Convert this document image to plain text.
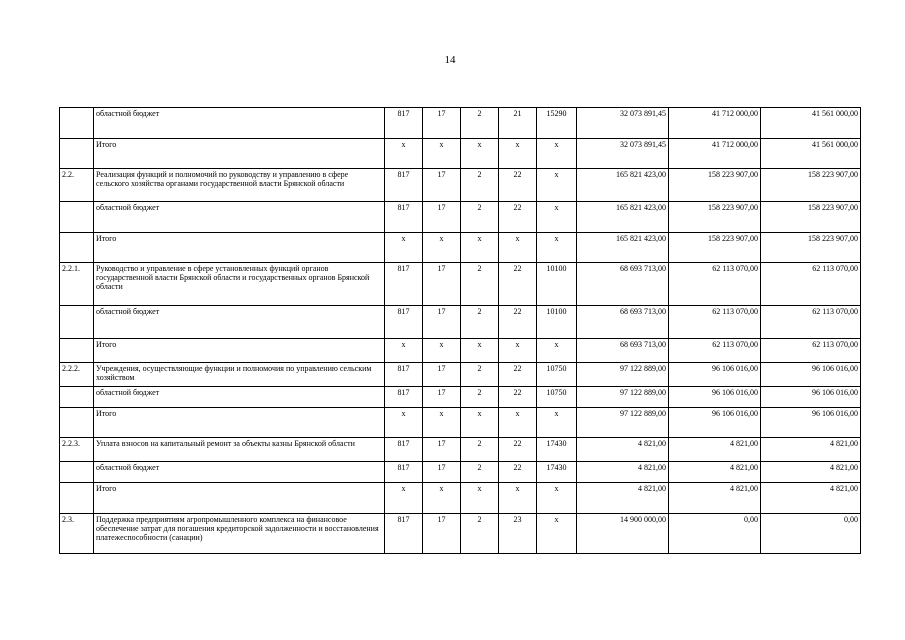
14
	областной бюджет	817	17	2	21	15290	32 073 891,45	41 712 000,00	41 561 000,00
	Итого	х	х	х	х	х	32 073 891,45	41 712 000,00	41 561 000,00
2.2.	Реализация функций и полномочий по руководству и управлению в сфере сельского хозяйства органами государственной власти Брянской области	817	17	2	22	х	165 821 423,00	158 223 907,00	158 223 907,00
	областной бюджет	817	17	2	22	х	165 821 423,00	158 223 907,00	158 223 907,00
	Итого	х	х	х	х	х	165 821 423,00	158 223 907,00	158 223 907,00
2.2.1.	Руководство и управление в сфере установленных функций органов государственной власти Брянской области и государственных органов Брянской области	817	17	2	22	10100	68 693 713,00	62 113 070,00	62 113 070,00
	областной бюджет	817	17	2	22	10100	68 693 713,00	62 113 070,00	62 113 070,00
	Итого	х	х	х	х	х	68 693 713,00	62 113 070,00	62 113 070,00
2.2.2.	Учреждения, осуществляющие функции и полномочия по управлению сельским хозяйством	817	17	2	22	10750	97 122 889,00	96 106 016,00	96 106 016,00
	областной бюджет	817	17	2	22	10750	97 122 889,00	96 106 016,00	96 106 016,00
	Итого	х	х	х	х	х	97 122 889,00	96 106 016,00	96 106 016,00
2.2.3.	Уплата взносов на капитальный ремонт за объекты казны Брянской области	817	17	2	22	17430	4 821,00	4 821,00	4 821,00
	областной бюджет	817	17	2	22	17430	4 821,00	4 821,00	4 821,00
	Итого	х	х	х	х	х	4 821,00	4 821,00	4 821,00
2.3.	Поддержка предприятиям агропромышленного комплекса на финансовое обеспечение затрат для погашения кредиторской задолженности и восстановления платежеспособности (санации)	817	17	2	23	х	14 900 000,00	0,00	0,00
